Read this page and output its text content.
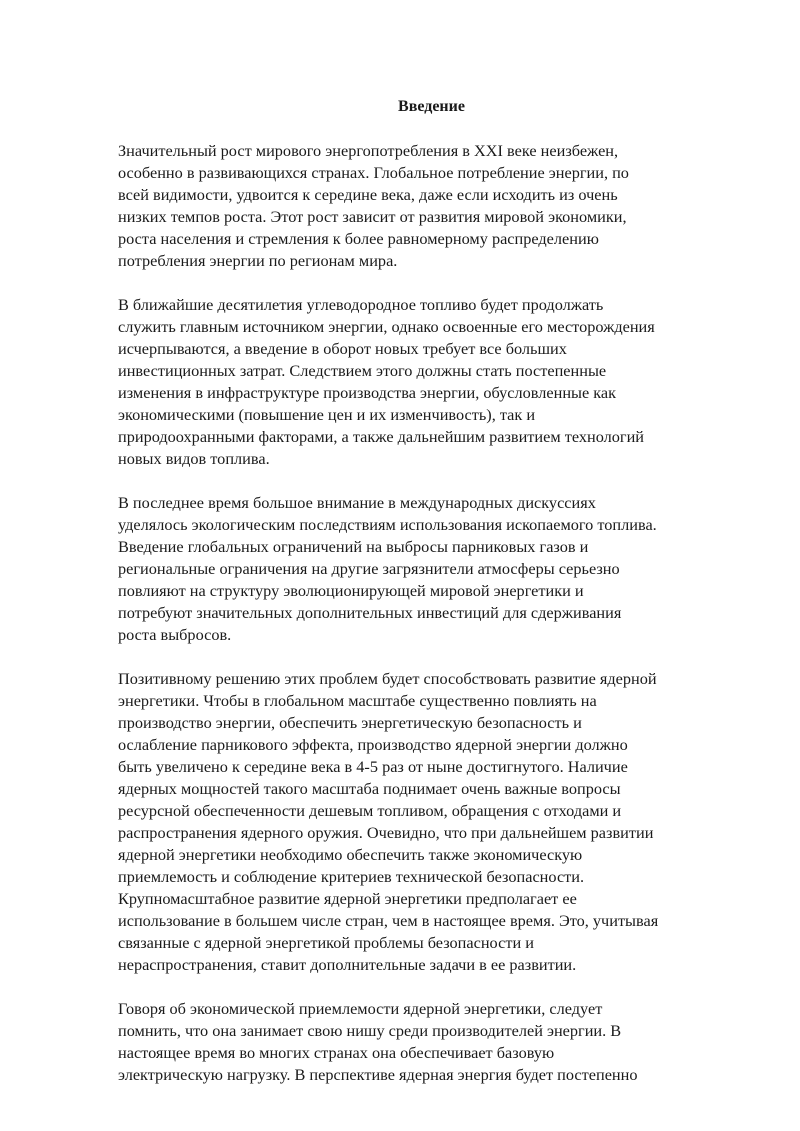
Введение
Значительный рост мирового энергопотребления в XXI веке неизбежен,
особенно в развивающихся странах. Глобальное потребление энергии, по
всей видимости, удвоится к середине века, даже если исходить из очень
низких темпов роста. Этот рост зависит от развития мировой экономики,
роста населения и стремления к более равномерному распределению
потребления энергии по регионам мира.
В ближайшие десятилетия углеводородное топливо будет продолжать
служить главным источником энергии, однако освоенные его месторождения
исчерпываются, а введение в оборот новых требует все больших
инвестиционных затрат. Следствием этого должны стать постепенные
изменения в инфраструктуре производства энергии, обусловленные как
экономическими (повышение цен и их изменчивость), так и
природоохранными факторами, а также дальнейшим развитием технологий
новых видов топлива.
В последнее время большое внимание в международных дискуссиях
уделялось экологическим последствиям использования ископаемого топлива.
Введение глобальных ограничений на выбросы парниковых газов и
региональные ограничения на другие загрязнители атмосферы серьезно
повлияют на структуру эволюционирующей мировой энергетики и
потребуют значительных дополнительных инвестиций для сдерживания
роста выбросов.
Позитивному решению этих проблем будет способствовать развитие ядерной
энергетики. Чтобы в глобальном масштабе существенно повлиять на
производство энергии, обеспечить энергетическую безопасность и
ослабление парникового эффекта, производство ядерной энергии должно
быть увеличено к середине века в 4-5 раз от ныне достигнутого. Наличие
ядерных мощностей такого масштаба поднимает очень важные вопросы
ресурсной обеспеченности дешевым топливом, обращения с отходами и
распространения ядерного оружия. Очевидно, что при дальнейшем развитии
ядерной энергетики необходимо обеспечить также экономическую
приемлемость и соблюдение критериев технической безопасности.
Крупномасштабное развитие ядерной энергетики предполагает ее
использование в большем числе стран, чем в настоящее время. Это, учитывая
связанные с ядерной энергетикой проблемы безопасности и
нераспространения, ставит дополнительные задачи в ее развитии.
Говоря об экономической приемлемости ядерной энергетики, следует
помнить, что она занимает свою нишу среди производителей энергии. В
настоящее время во многих странах она обеспечивает базовую
электрическую нагрузку. В перспективе ядерная энергия будет постепенно
